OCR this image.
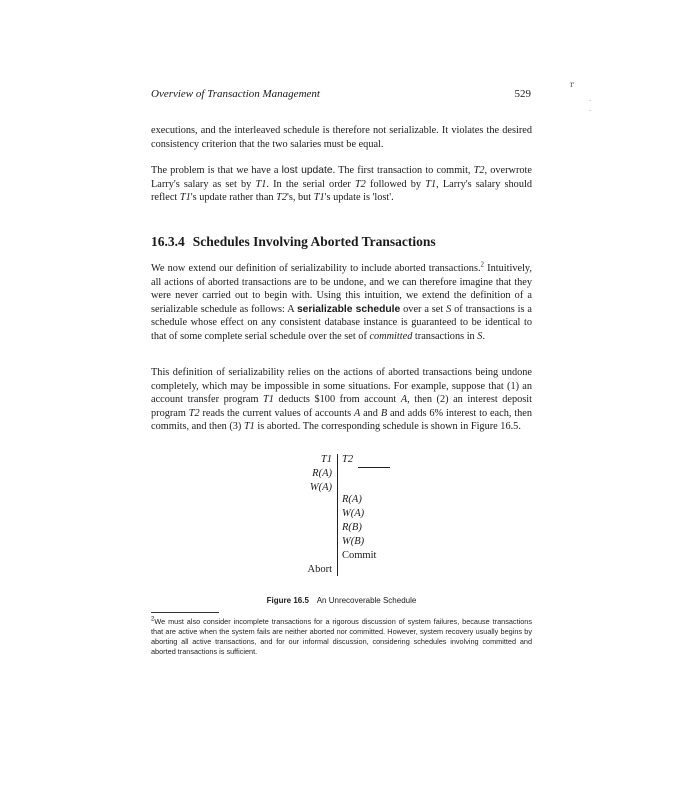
Overview of Transaction Management	529
r
·
·

executions, and the interleaved schedule is therefore not serializable. It violates the desired consistency criterion that the two salaries must be equal.

The problem is that we have a lost update. The first transaction to commit, T2, overwrote Larry's salary as set by T1. In the serial order T2 followed by T1, Larry's salary should reflect T1's update rather than T2's, but T1's update is 'lost'.

16.3.4 Schedules Involving Aborted Transactions

We now extend our definition of serializability to include aborted transactions.$^2$ Intuitively, all actions of aborted transactions are to be undone, and we can therefore imagine that they were never carried out to begin with. Using this intuition, we extend the definition of a serializable schedule as follows: A serializable schedule over a set S of transactions is a schedule whose effect on any consistent database instance is guaranteed to be identical to that of some complete serial schedule over the set of committed transactions in S.

This definition of serializability relies on the actions of aborted transactions being undone completely, which may be impossible in some situations. For example, suppose that (1) an account transfer program T1 deducts $100 from account A, then (2) an interest deposit program T2 reads the current values of accounts A and B and adds 6% interest to each, then commits, and then (3) T1 is aborted. The corresponding schedule is shown in Figure 16.5.

T1 T2
R(A)
W(A)
R(A)
W(A)
R(B)
W(B)
Commit
Abort
Figure 16.5 An Unrecoverable Schedule

$^2$We must also consider incomplete transactions for a rigorous discussion of system failures, because transactions that are active when the system fails are neither aborted nor committed. However, system recovery usually begins by aborting all active transactions, and for our informal discussion, considering schedules involving committed and aborted transactions is sufficient.
